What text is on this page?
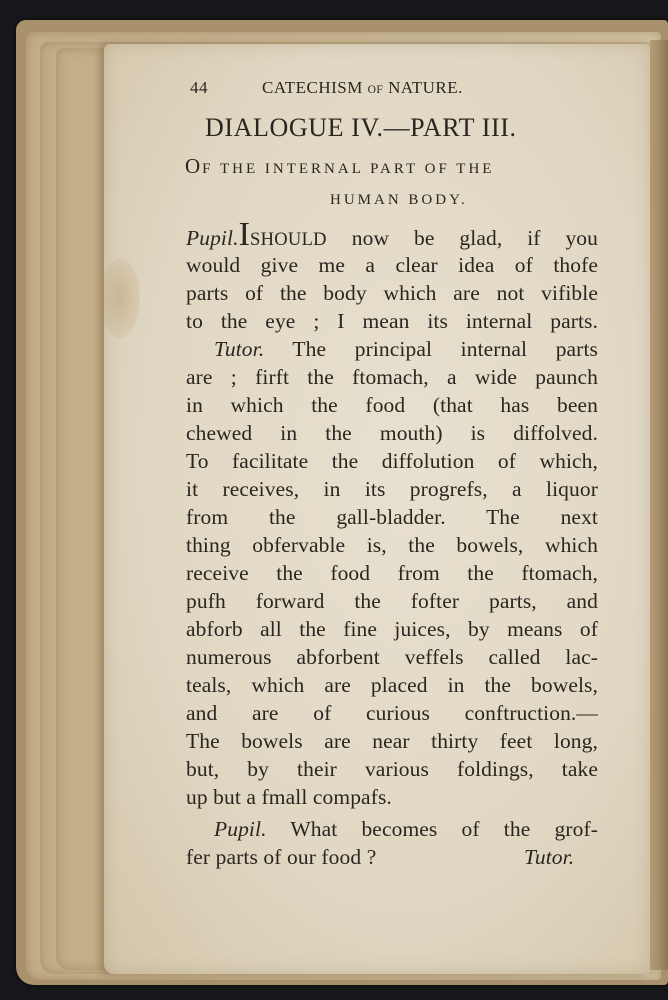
44	CATECHISM OF NATURE.
DIALOGUE IV.—PART III.
OF THE INTERNAL PART OF THE
HUMAN BODY.
Pupil.ISHOULD now be glad, if you
would give me a clear idea of thofe
parts of the body which are not vifible
to the eye ; I mean its internal parts.
Tutor. The principal internal parts
are ; firft the ftomach, a wide paunch
in which the food (that has been
chewed in the mouth) is diffolved.
To facilitate the diffolution of which,
it receives, in its progrefs, a liquor
from the gall-bladder. The next
thing obfervable is, the bowels, which
receive the food from the ftomach,
pufh forward the fofter parts, and
abforb all the fine juices, by means of
numerous abforbent veffels called lac-
teals, which are placed in the bowels,
and are of curious conftruction.—
The bowels are near thirty feet long,
but, by their various foldings, take
up but a fmall compafs.
Pupil. What becomes of the grof-
fer parts of our food ?	Tutor.
